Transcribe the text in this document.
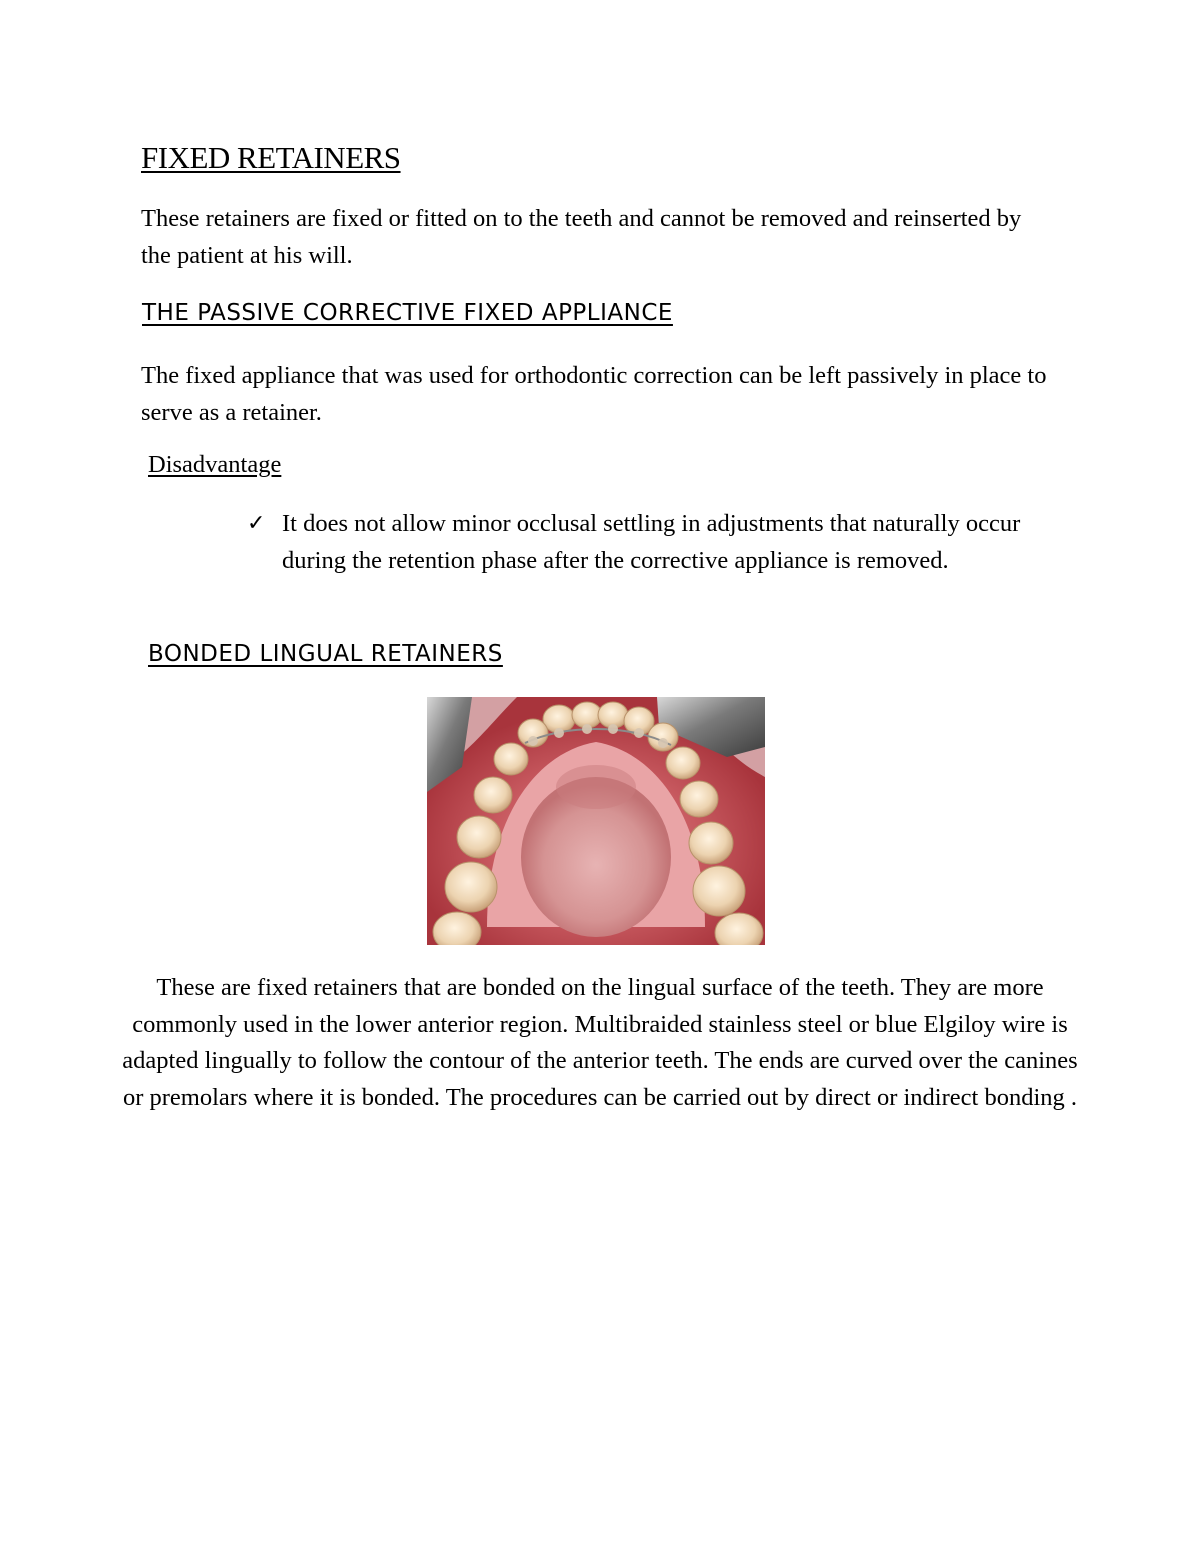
FIXED RETAINERS

These retainers are fixed or fitted on to the teeth and cannot be removed and reinserted by the patient at his will.

THE PASSIVE CORRECTIVE FIXED APPLIANCE

The fixed appliance that was used for orthodontic correction can be left passively in place to serve as a retainer.

Disadvantage
✓ It does not allow minor occlusal settling in adjustments that naturally occur during the retention phase after the corrective appliance is removed.
BONDED LINGUAL RETAINERS
These are fixed retainers that are bonded on the lingual surface of the teeth. They are more commonly used in the lower anterior region. Multibraided stainless steel or blue Elgiloy wire is adapted lingually to follow the contour of the anterior teeth. The ends are curved over the canines or premolars where it is bonded. The procedures can be carried out by direct or indirect bonding .
